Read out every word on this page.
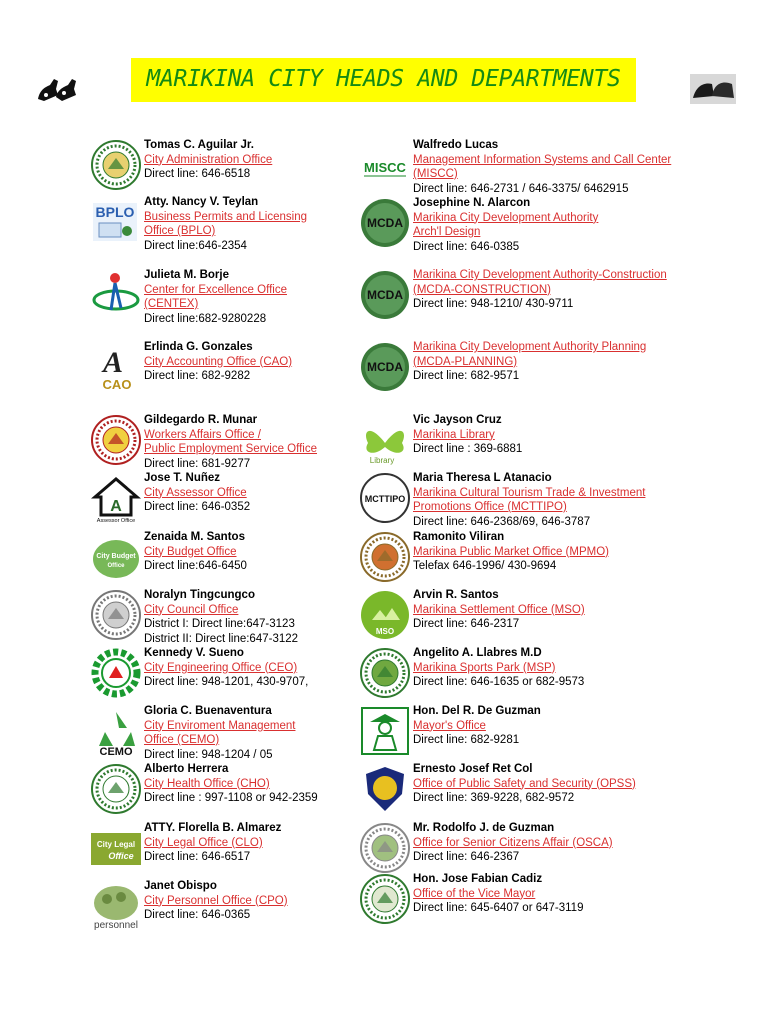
MARIKINA CITY HEADS AND DEPARTMENTS
Tomas C. Aguilar Jr.
City Administration Office
Direct line: 646-6518
BPLO
Atty. Nancy V. Teylan
Business Permits and Licensing
Office (BPLO)
Direct line:646-2354
Julieta M. Borje
Center for Excellence Office
(CENTEX)
Direct line:682-9280228
A
CAO
Erlinda G. Gonzales
City Accounting Office (CAO)
Direct line: 682-9282
Gildegardo R. Munar
Workers Affairs Office /
Public Employment Service Office
Direct line: 681-9277
A
Assessor Office
Jose T. Nuñez
City Assessor Office
Direct line: 646-0352
City Budget
Office
Zenaida M. Santos
City Budget Office
Direct line:646-6450
Noralyn Tingcungco
City Council Office
District I: Direct line:647-3123
District II: Direct line:647-3122
Kennedy V. Sueno
City Engineering Office (CEO)
Direct line: 948-1201, 430-9707,
CEMO
Gloria C. Buenaventura
City Enviroment Management
Office (CEMO)
Direct line: 948-1204 / 05
Alberto Herrera
City Health Office (CHO)
Direct line : 997-1108 or 942-2359
City Legal
Office
ATTY. Florella B. Almarez
City Legal Office (CLO)
Direct line: 646-6517
personnel
Janet Obispo
City Personnel Office (CPO)
Direct line: 646-0365
MISCC
Walfredo Lucas
Management Information Systems and Call Center
(MISCC)
Direct line: 646-2731 / 646-3375/ 6462915
MCDA
Josephine N. Alarcon
Marikina City Development Authority
Arch'l Design
Direct line: 646-0385
MCDA
Marikina City Development Authority-Construction
(MCDA-CONSTRUCTION)
Direct line: 948-1210/ 430-9711
MCDA
Marikina City Development Authority Planning
(MCDA-PLANNING)
Direct line: 682-9571
Library
Vic Jayson Cruz
Marikina Library
Direct line : 369-6881
MCTTIPO
Maria Theresa L Atanacio
Marikina Cultural Tourism Trade & Investment
Promotions Office (MCTTIPO)
Direct line: 646-2368/69, 646-3787
Ramonito Viliran
Marikina Public Market Office (MPMO)
Telefax 646-1996/ 430-9694
MSO
Arvin R. Santos
Marikina Settlement Office (MSO)
Direct line: 646-2317
Angelito A. Llabres M.D
Marikina Sports Park (MSP)
Direct line: 646-1635 or 682-9573
Hon. Del R. De Guzman
Mayor's Office
Direct line: 682-9281
Ernesto Josef Ret Col
Office of Public Safety and Security (OPSS)
Direct line: 369-9228, 682-9572
Mr. Rodolfo J. de Guzman
Office for Senior Citizens Affair (OSCA)
Direct line: 646-2367
Hon. Jose Fabian Cadiz
Office of the Vice Mayor
Direct line: 645-6407 or 647-3119
